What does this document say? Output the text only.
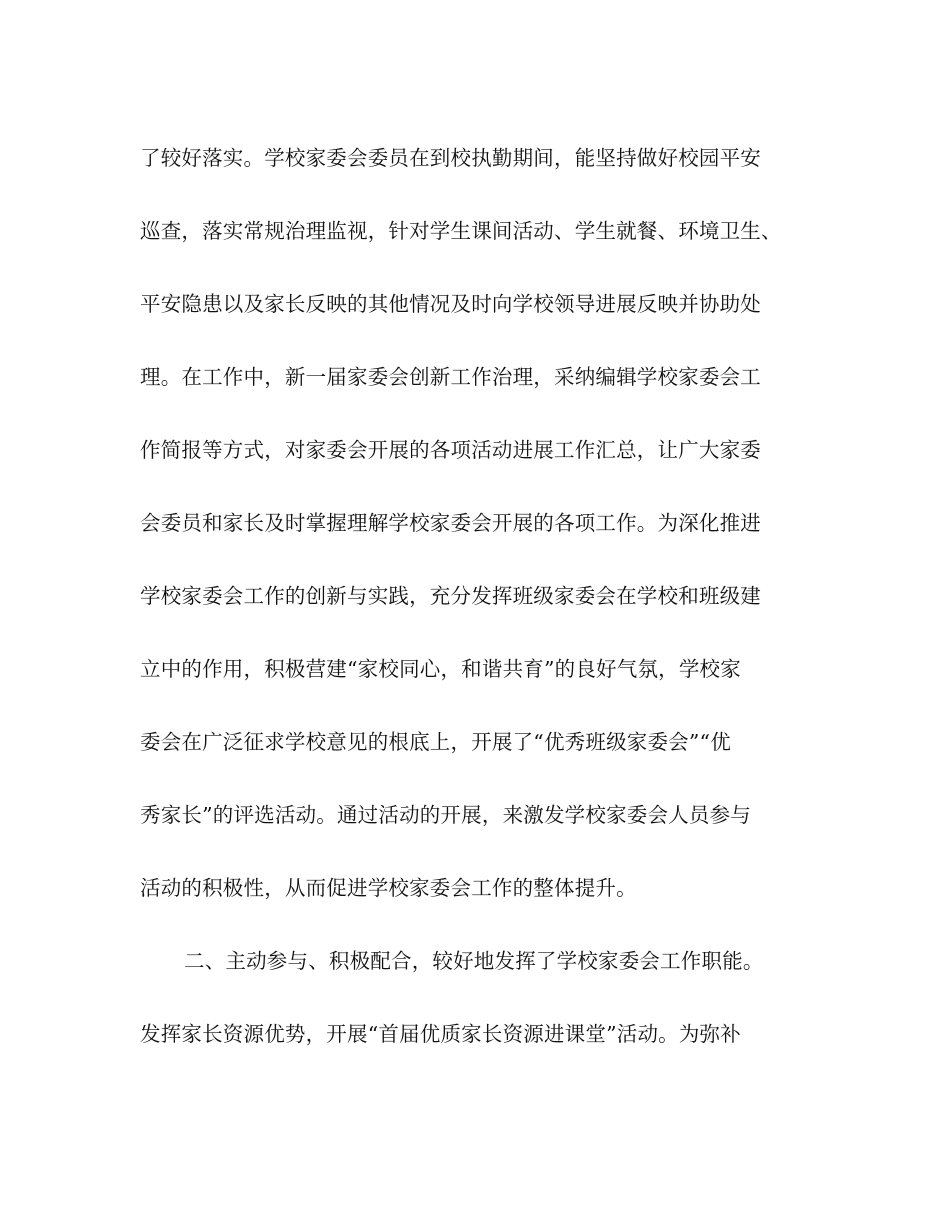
了较好落实。学校家委会委员在到校执勤期间，能坚持做好校园平安
巡查，落实常规治理监视，针对学生课间活动、学生就餐、环境卫生、
平安隐患以及家长反映的其他情况及时向学校领导进展反映并协助处
理。在工作中，新一届家委会创新工作治理，采纳编辑学校家委会工
作简报等方式，对家委会开展的各项活动进展工作汇总，让广大家委
会委员和家长及时掌握理解学校家委会开展的各项工作。为深化推进
学校家委会工作的创新与实践，充分发挥班级家委会在学校和班级建
立中的作用，积极营建“家校同心，和谐共育”的良好气氛，学校家
委会在广泛征求学校意见的根底上，开展了“优秀班级家委会”“优
秀家长”的评选活动。通过活动的开展，来激发学校家委会人员参与
活动的积极性，从而促进学校家委会工作的整体提升。
二、主动参与、积极配合，较好地发挥了学校家委会工作职能。
发挥家长资源优势，开展“首届优质家长资源进课堂”活动。为弥补
